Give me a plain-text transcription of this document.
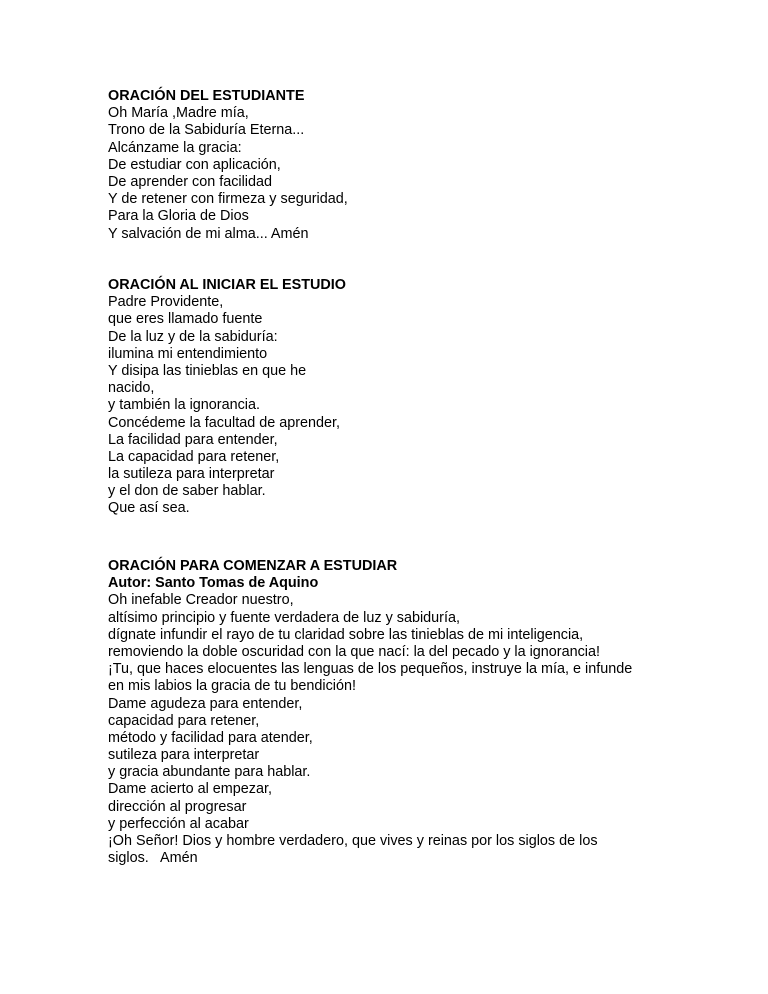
ORACIÓN DEL ESTUDIANTE
Oh María ,Madre mía,
Trono de la Sabiduría Eterna...
Alcánzame la gracia:
De estudiar con aplicación,
De aprender con facilidad
Y de retener con firmeza y seguridad,
Para la Gloria de Dios
Y salvación de mi alma... Amén
ORACIÓN AL INICIAR EL ESTUDIO
Padre Providente,
que eres llamado fuente
De la luz y de la sabiduría:
ilumina mi entendimiento
Y disipa las tinieblas en que he
nacido,
y también la ignorancia.
Concédeme la facultad de aprender,
La facilidad para entender,
La capacidad para retener,
la sutileza para interpretar
y el don de saber hablar.
Que así sea.
ORACIÓN PARA COMENZAR A ESTUDIAR
Autor: Santo Tomas de Aquino
Oh inefable Creador nuestro,
altísimo principio y fuente verdadera de luz y sabiduría,
dígnate infundir el rayo de tu claridad sobre las tinieblas de mi inteligencia,
removiendo la doble oscuridad con la que nací: la del pecado y la ignorancia!
¡Tu, que haces elocuentes las lenguas de los pequeños, instruye la mía, e infunde
en mis labios la gracia de tu bendición!
Dame agudeza para entender,
capacidad para retener,
método y facilidad para atender,
sutileza para interpretar
y gracia abundante para hablar.
Dame acierto al empezar,
dirección al progresar
y perfección al acabar
¡Oh Señor! Dios y hombre verdadero, que vives y reinas por los siglos de los
siglos.   Amén
